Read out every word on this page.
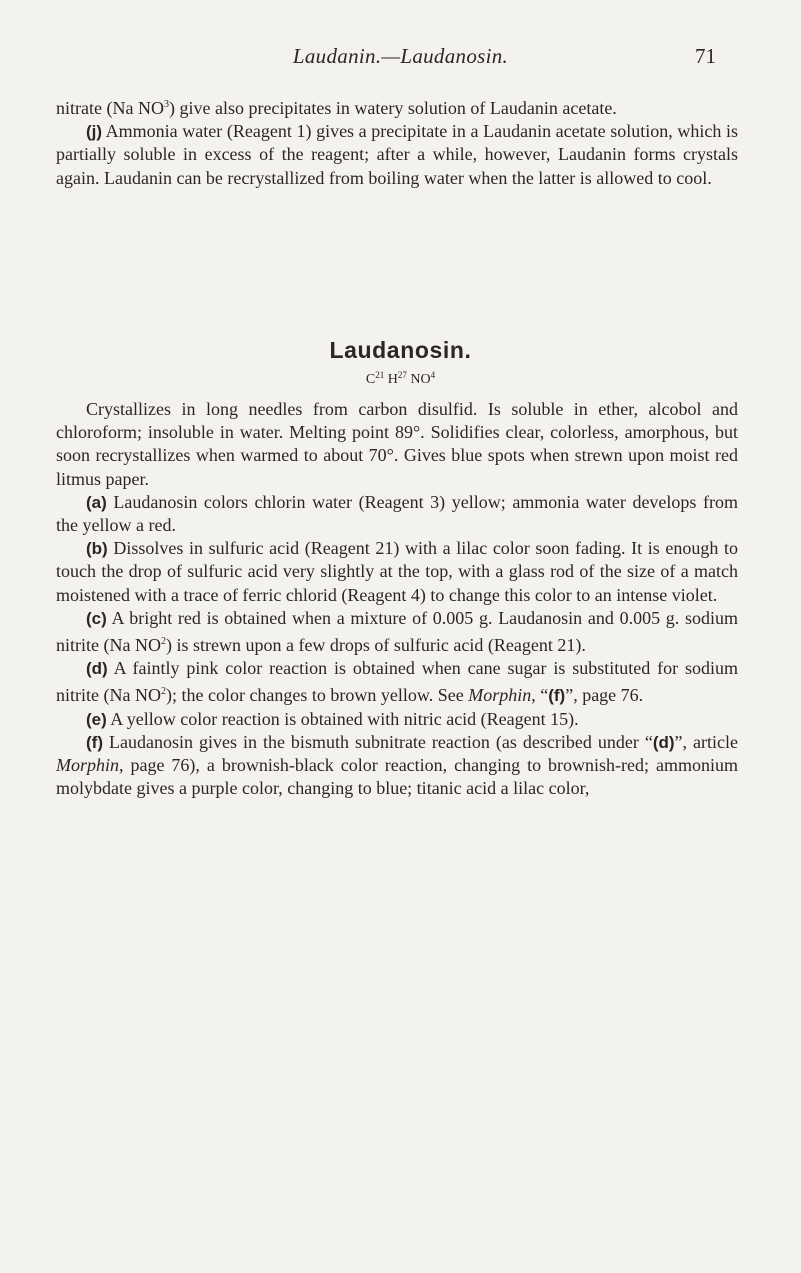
Laudanin.—Laudanosin.	71

nitrate (Na $NO^3$) give also precipitates in watery solution of Laudanin acetate.

(j) Ammonia water (Reagent 1) gives a precipitate in a Laudanin acetate solution, which is partially soluble in excess of the reagent; after a while, however, Laudanin forms crystals again. Laudanin can be recrystallized from boiling water when the latter is allowed to cool.

Laudanosin.
$C^{21}$ $H^{27}$ $NO^4$

Crystallizes in long needles from carbon disulfid. Is soluble in ether, alcobol and chloroform; insoluble in water. Melting point 89°. Solidifies clear, colorless, amorphous, but soon recrystallizes when warmed to about 70°. Gives blue spots when strewn upon moist red litmus paper.

(a) Laudanosin colors chlorin water (Reagent 3) yellow; ammonia water develops from the yellow a red.

(b) Dissolves in sulfuric acid (Reagent 21) with a lilac color soon fading. It is enough to touch the drop of sulfuric acid very slightly at the top, with a glass rod of the size of a match moistened with a trace of ferric chlorid (Reagent 4) to change this color to an intense violet.

(c) A bright red is obtained when a mixture of 0.005 g. Laudanosin and 0.005 g. sodium nitrite (Na $NO^2$) is strewn upon a few drops of sulfuric acid (Reagent 21).

(d) A faintly pink color reaction is obtained when cane sugar is substituted for sodium nitrite (Na $NO^2$); the color changes to brown yellow. See Morphin, “(f)”, page 76.

(e) A yellow color reaction is obtained with nitric acid (Reagent 15).

(f) Laudanosin gives in the bismuth subnitrate reaction (as described under “(d)”, article Morphin, page 76), a brownish-black color reaction, changing to brownish-red; ammonium molybdate gives a purple color, changing to blue; titanic acid a lilac color,
